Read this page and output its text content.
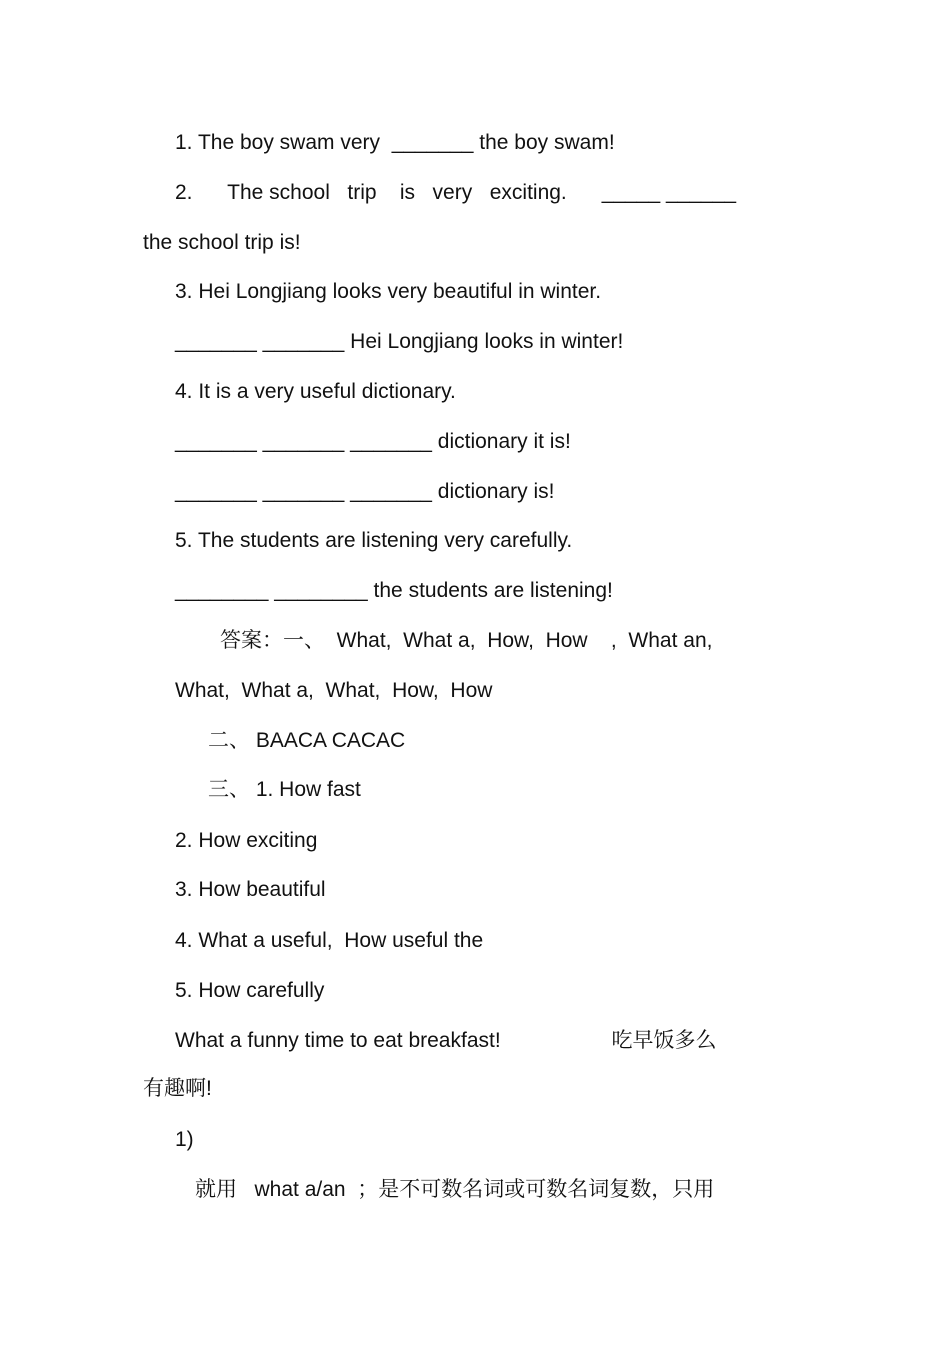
1. The boy swam very  _______ the boy swam!
2.      The school   trip    is   very   exciting.      _____ ______
the school trip is!
3. Hei Longjiang looks very beautiful in winter.
_______ _______ Hei Longjiang looks in winter!
4. It is a very useful dictionary.
_______ _______ _______ dictionary it is!
_______ _______ _______ dictionary is!
5. The students are listening very carefully.
________ ________ the students are listening!
答案：一、  What,  What a,  How,  How    ,  What an,
What,  What a,  What,  How,  How
二、 BAACA CACAC
三、 1. How fast
2. How exciting
3. How beautiful
4. What a useful,  How useful the
5. How carefully
What a funny time to eat breakfast!                   吃早饭多么
有趣啊!
1)
就用   what a/an  ；是不可数名词或可数名词复数，只用
